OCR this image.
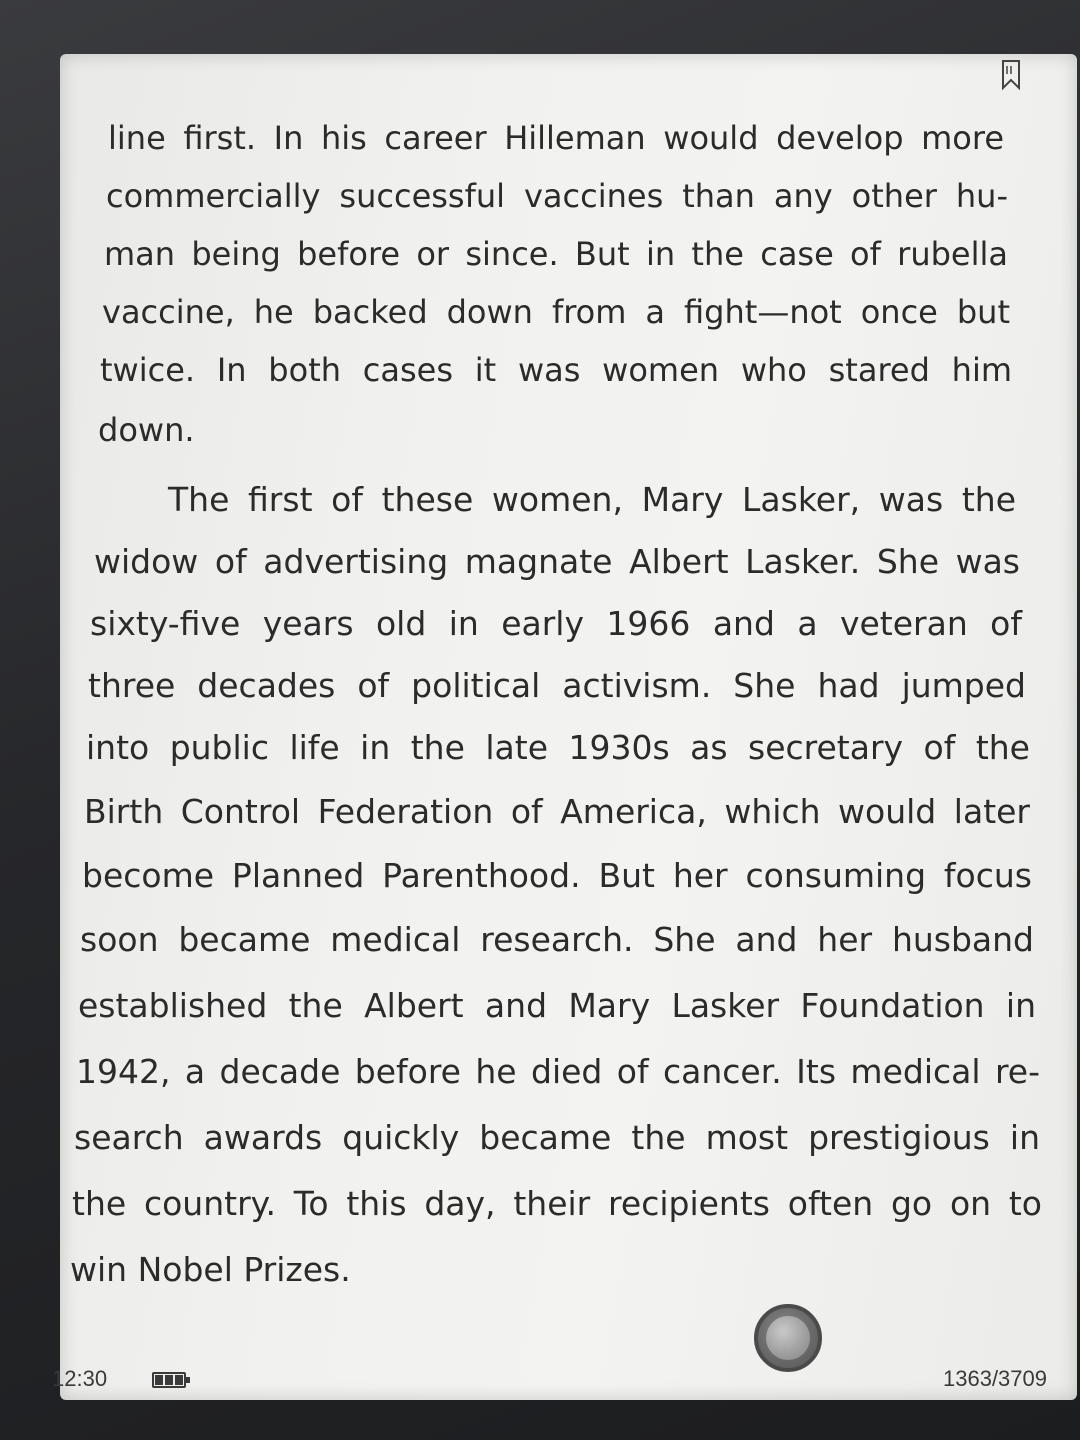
line first. In his career Hilleman would develop more
commercially successful vaccines than any other hu-
man being before or since. But in the case of rubella
vaccine, he backed down from a fight—not once but
twice. In both cases it was women who stared him
down.
The first of these women, Mary Lasker, was the
widow of advertising magnate Albert Lasker. She was
sixty-five years old in early 1966 and a veteran of
three decades of political activism. She had jumped
into public life in the late 1930s as secretary of the
Birth Control Federation of America, which would later
become Planned Parenthood. But her consuming focus
soon became medical research. She and her husband
established the Albert and Mary Lasker Foundation in
1942, a decade before he died of cancer. Its medical re-
search awards quickly became the most prestigious in
the country. To this day, their recipients often go on to
win Nobel Prizes.
12:30	1363/3709
